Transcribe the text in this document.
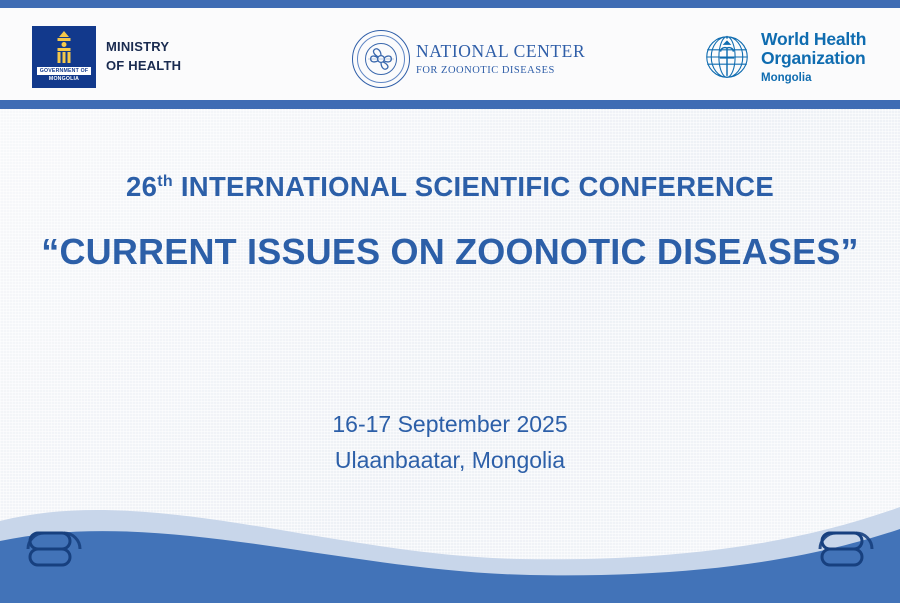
GOVERNMENT OF
MONGOLIA
MINISTRY
OF HEALTH
NATIONAL CENTER
FOR ZOONOTIC DISEASES
World Health
Organization
Mongolia
26th INTERNATIONAL SCIENTIFIC CONFERENCE
“CURRENT ISSUES ON ZOONOTIC DISEASES”
16-17 September 2025
Ulaanbaatar, Mongolia
